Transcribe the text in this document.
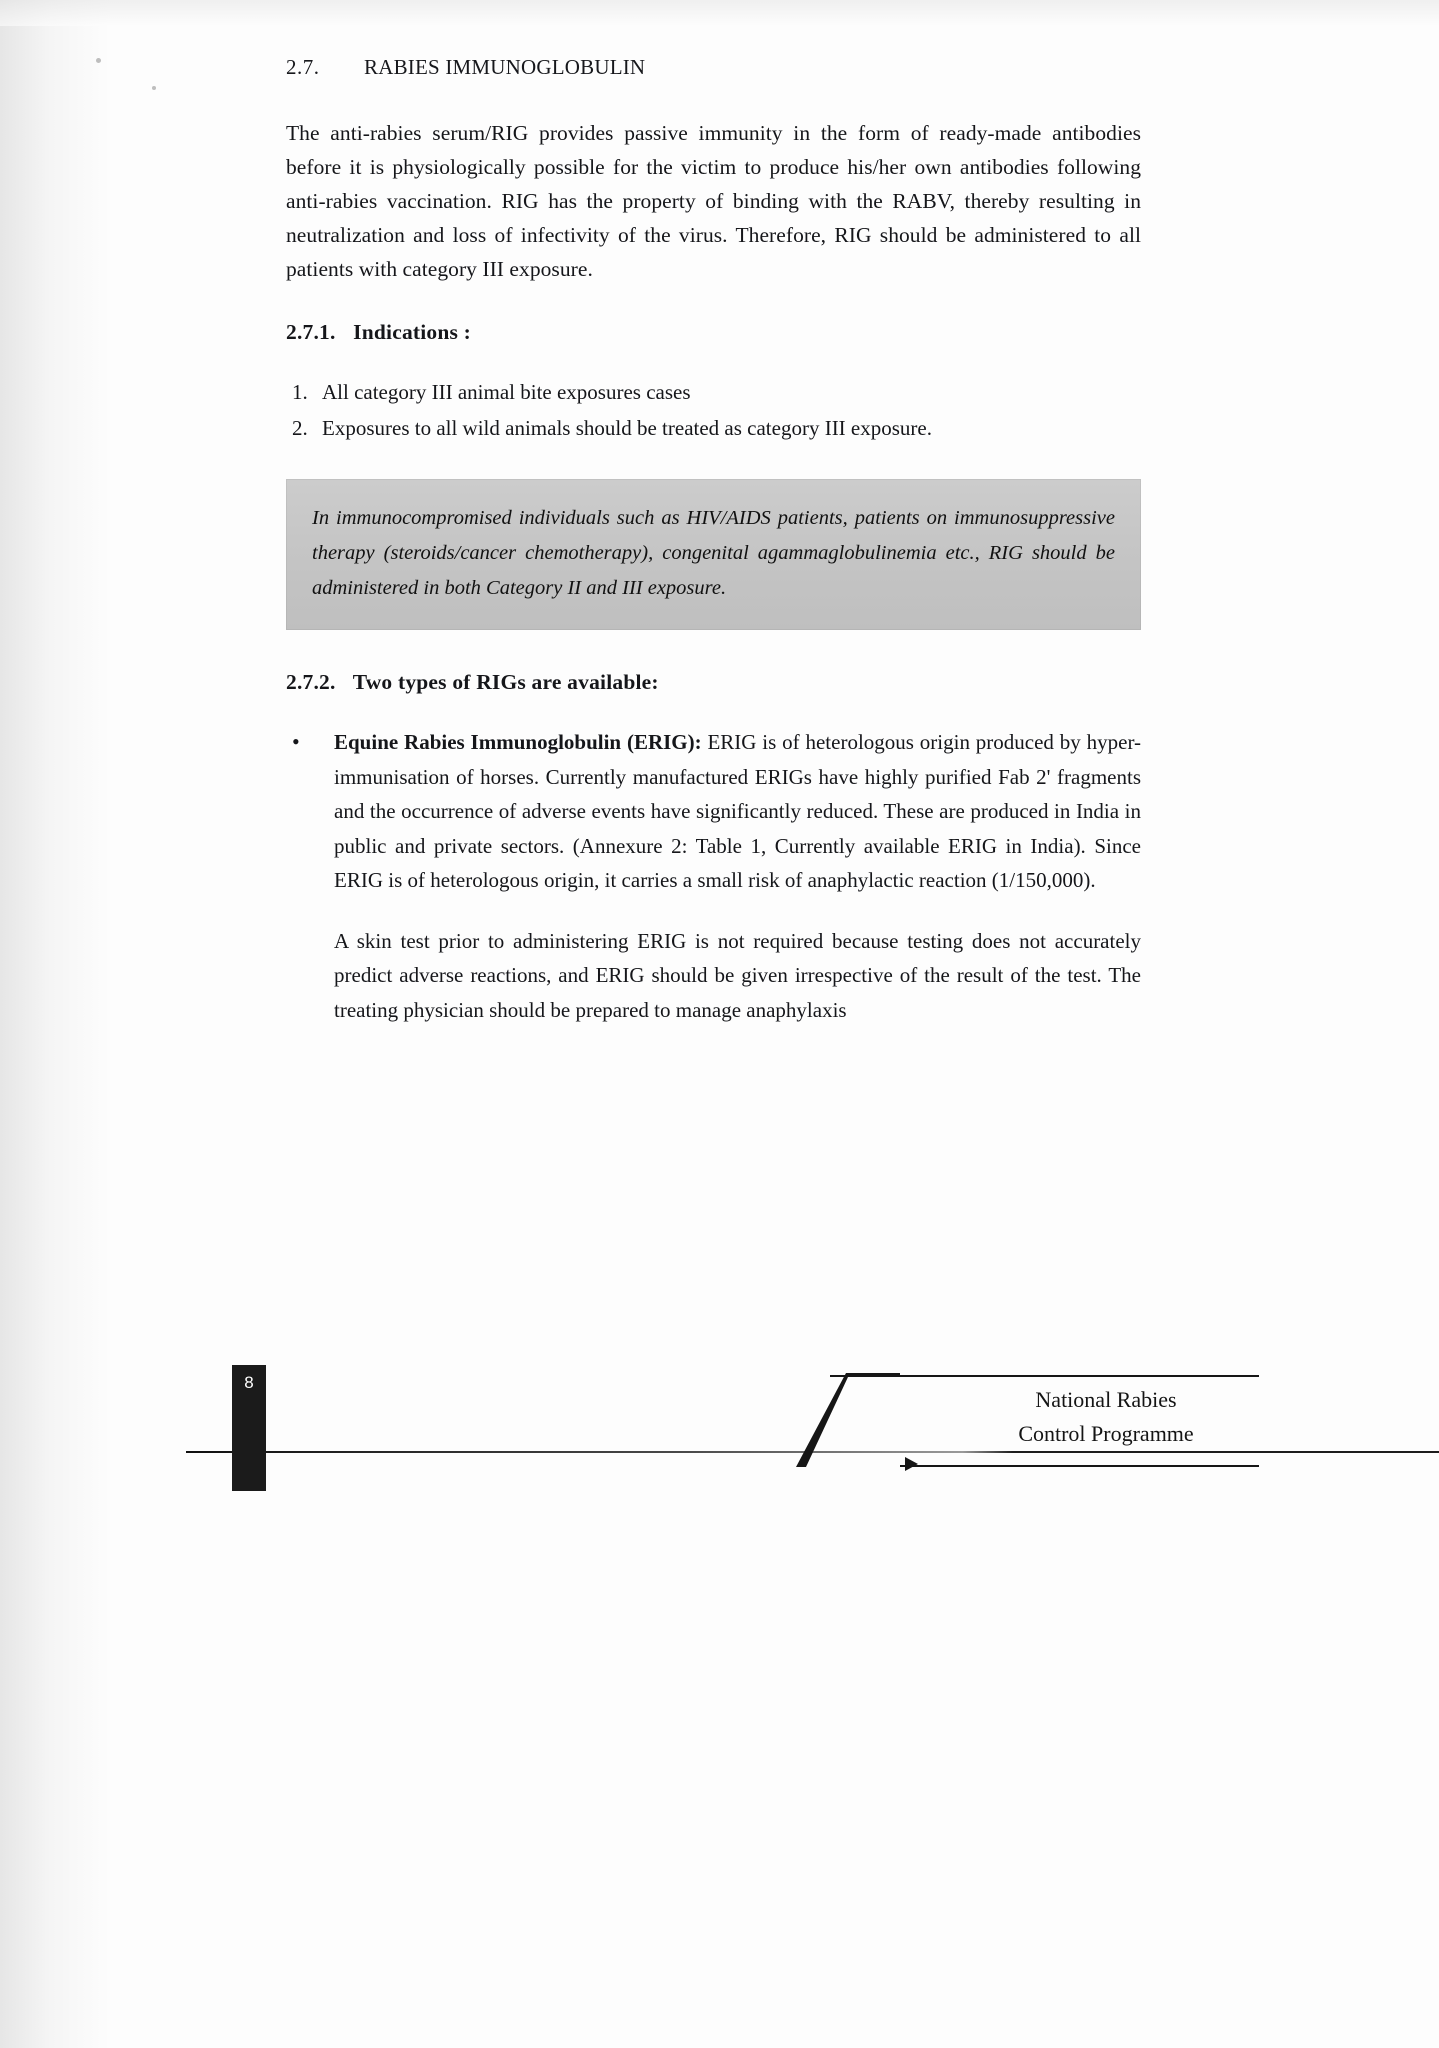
2.7.	RABIES IMMUNOGLOBULIN

The anti-rabies serum/RIG provides passive immunity in the form of ready-made antibodies before it is physiologically possible for the victim to produce his/her own antibodies following anti-rabies vaccination. RIG has the property of binding with the RABV, thereby resulting in neutralization and loss of infectivity of the virus. Therefore, RIG should be administered to all patients with category III exposure.

2.7.1. Indications :
1. All category III animal bite exposures cases
2. Exposures to all wild animals should be treated as category III exposure.
In immunocompromised individuals such as HIV/AIDS patients, patients on immunosuppressive therapy (steroids/cancer chemotherapy), congenital agammaglobulinemia etc., RIG should be administered in both Category II and III exposure.
2.7.2. Two types of RIGs are available:
•	Equine Rabies Immunoglobulin (ERIG): ERIG is of heterologous origin produced by hyper-immunisation of horses. Currently manufactured ERIGs have highly purified Fab 2' fragments and the occurrence of adverse events have significantly reduced. These are produced in India in public and private sectors. (Annexure 2: Table 1, Currently available ERIG in India). Since ERIG is of heterologous origin, it carries a small risk of anaphylactic reaction (1/150,000).

A skin test prior to administering ERIG is not required because testing does not accurately predict adverse reactions, and ERIG should be given irrespective of the result of the test. The treating physician should be prepared to manage anaphylaxis

8
National Rabies
Control Programme
